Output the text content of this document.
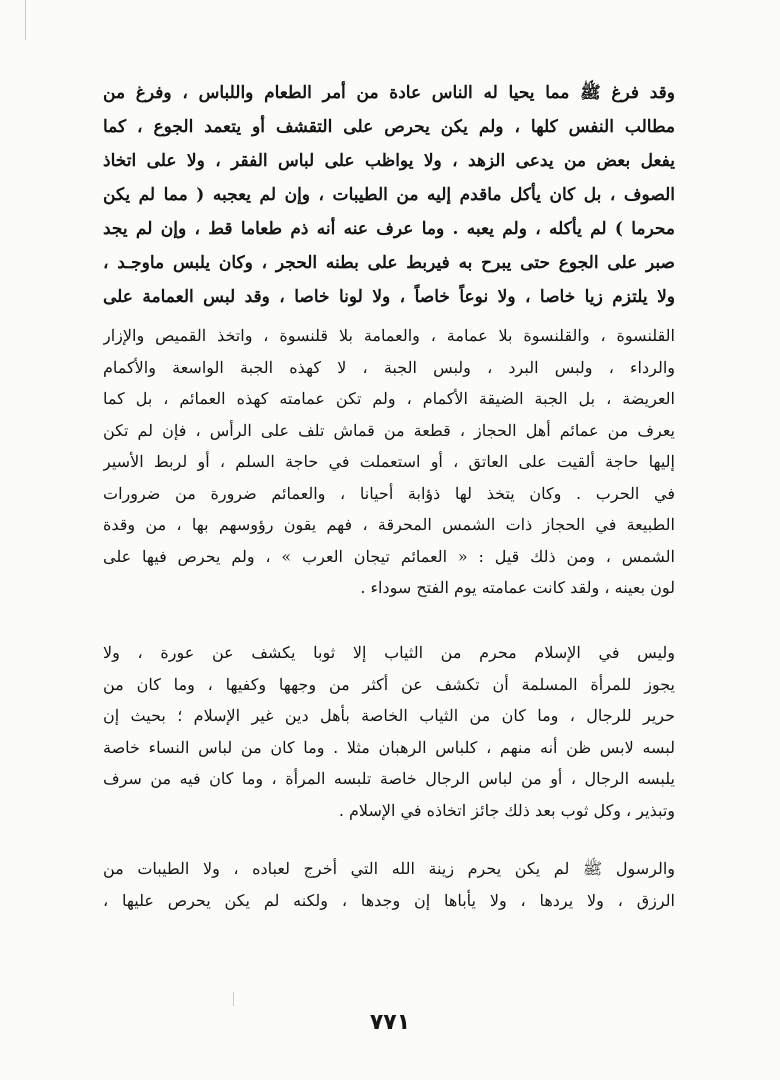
وقد فرغ ﷺ مما يحيا له الناس عادة من أمر الطعام واللباس ، وفرغ من
مطالب النفس كلها ، ولم يكن يحرص على التقشف أو يتعمد الجوع ، كما
يفعل بعض من يدعى الزهد ، ولا يواظب على لباس الفقر ، ولا على اتخاذ
الصوف ، بل كان يأكل ماقدم إليه من الطيبات ، وإن لم يعجبه ( مما لم يكن
محرما ) لم يأكله ، ولم يعبه . وما عرف عنه أنه ذم طعاما قط ، وإن لم يجد
صبر على الجوع حتى يبرح به فيربط على بطنه الحجر ، وكان يلبس ماوجـد ،
ولا يلتزم زيا خاصا ، ولا نوعاً خاصاً ، ولا لونا خاصا ، وقد لبس العمامة على
القلنسوة ، والقلنسوة بلا عمامة ، والعمامة بلا قلنسوة ، واتخذ القميص والإزار
والرداء ، ولبس البرد ، ولبس الجبة ، لا كهذه الجبة الواسعة والأكمام
العريضة ، بل الجبة الضيقة الأكمام ، ولم تكن عمامته كهذه العمائم ، بل كما
يعرف من عمائم أهل الحجاز ، قطعة من قماش تلف على الرأس ، فإن لم تكن
إليها حاجة ألقيت على العاتق ، أو استعملت في حاجة السلم ، أو لربط الأسير
في الحرب . وكان يتخذ لها ذؤابة أحيانا ، والعمائم ضرورة من ضرورات
الطبيعة في الحجاز ذات الشمس المحرقة ، فهم يقون رؤوسهم بها ، من وقدة
الشمس ، ومن ذلك قيل : « العمائم تيجان العرب » ، ولم يحرص فيها على
لون بعينه ، ولقد كانت عمامته يوم الفتح سوداء .
وليس في الإسلام محرم من الثياب إلا ثوبا يكشف عن عورة ، ولا
يجوز للمرأة المسلمة أن تكشف عن أكثر من وجهها وكفيها ، وما كان من
حرير للرجال ، وما كان من الثياب الخاصة بأهل دين غير الإسلام ؛ بحيث إن
لبسه لابس ظن أنه منهم ، كلباس الرهبان مثلا . وما كان من لباس النساء خاصة
يلبسه الرجال ، أو من لباس الرجال خاصة تلبسه المرأة ، وما كان فيه من سرف
وتبذير ، وكل ثوب بعد ذلك جائز اتخاذه في الإسلام .
والرسول ﷺ لم يكن يحرم زينة الله التي أخرج لعباده ، ولا الطيبات من
الرزق ، ولا يردها ، ولا يأباها إن وجدها ، ولكنه لم يكن يحرص عليها ،
٧٧١
